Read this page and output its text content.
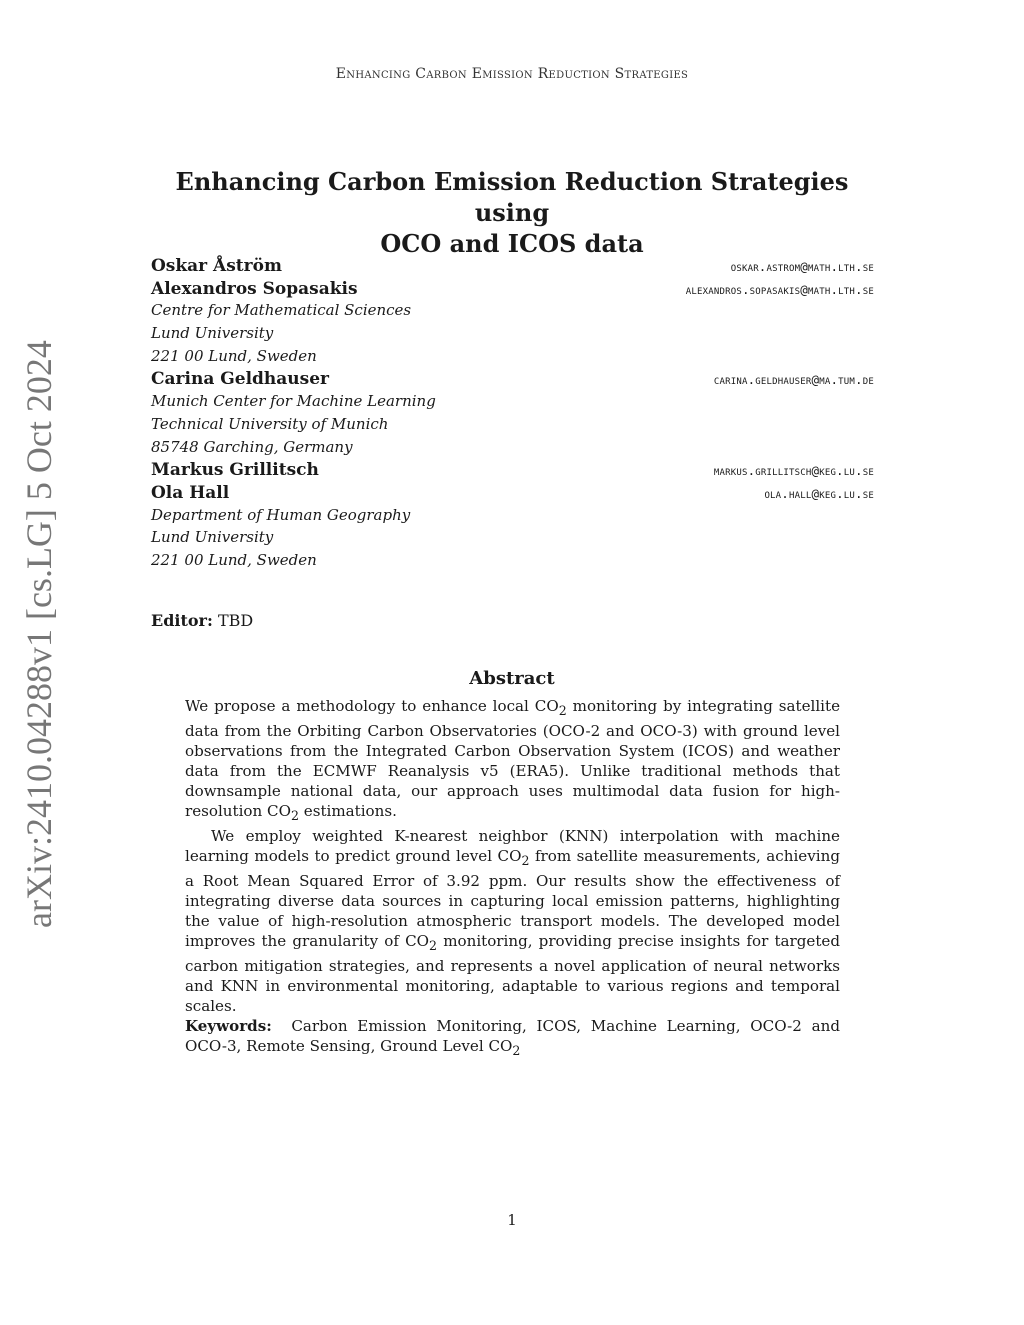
Enhancing Carbon Emission Reduction Strategies
arXiv:2410.04288v1 [cs.LG] 5 Oct 2024
Enhancing Carbon Emission Reduction Strategies using
OCO and ICOS data
Oskar Åström	oskar.astrom@math.lth.se
Alexandros Sopasakis	alexandros.sopasakis@math.lth.se
Centre for Mathematical Sciences
Lund University
221 00 Lund, Sweden
Carina Geldhauser	carina.geldhauser@ma.tum.de
Munich Center for Machine Learning
Technical University of Munich
85748 Garching, Germany
Markus Grillitsch	markus.grillitsch@keg.lu.se
Ola Hall	ola.hall@keg.lu.se
Department of Human Geography
Lund University
221 00 Lund, Sweden
Editor: TBD
Abstract

We propose a methodology to enhance local $CO_2$ monitoring by integrating satellite data from the Orbiting Carbon Observatories (OCO-2 and OCO-3) with ground level observations from the Integrated Carbon Observation System (ICOS) and weather data from the ECMWF Reanalysis v5 (ERA5). Unlike traditional methods that downsample national data, our approach uses multimodal data fusion for high-resolution $CO_2$ estimations.

We employ weighted K-nearest neighbor (KNN) interpolation with machine learning models to predict ground level $CO_2$ from satellite measurements, achieving a Root Mean Squared Error of 3.92 ppm. Our results show the effectiveness of integrating diverse data sources in capturing local emission patterns, highlighting the value of high-resolution atmospheric transport models. The developed model improves the granularity of $CO_2$ monitoring, providing precise insights for targeted carbon mitigation strategies, and represents a novel application of neural networks and KNN in environmental monitoring, adaptable to various regions and temporal scales.

Keywords: Carbon Emission Monitoring, ICOS, Machine Learning, OCO-2 and OCO-3, Remote Sensing, Ground Level $CO_2$

1
